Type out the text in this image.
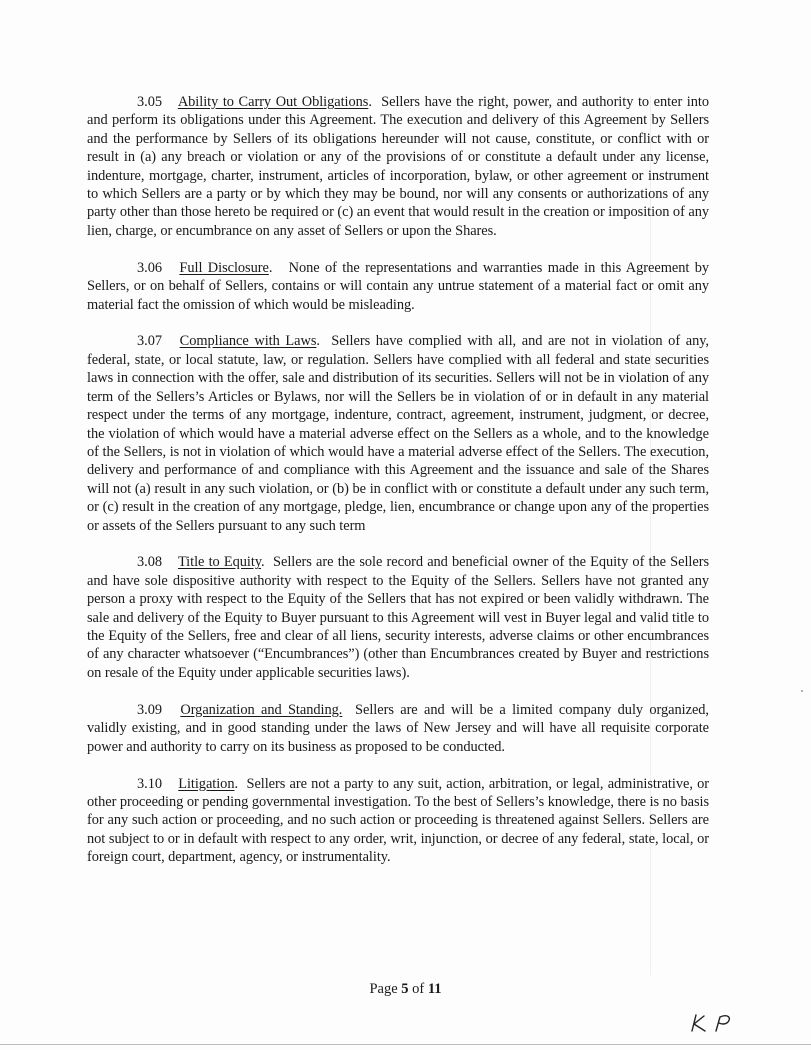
3.05 Ability to Carry Out Obligations. Sellers have the right, power, and authority to enter into and perform its obligations under this Agreement. The execution and delivery of this Agreement by Sellers and the performance by Sellers of its obligations hereunder will not cause, constitute, or conflict with or result in (a) any breach or violation or any of the provisions of or constitute a default under any license, indenture, mortgage, charter, instrument, articles of incorporation, bylaw, or other agreement or instrument to which Sellers are a party or by which they may be bound, nor will any consents or authorizations of any party other than those hereto be required or (c) an event that would result in the creation or imposition of any lien, charge, or encumbrance on any asset of Sellers or upon the Shares.

3.06 Full Disclosure. None of the representations and warranties made in this Agreement by Sellers, or on behalf of Sellers, contains or will contain any untrue statement of a material fact or omit any material fact the omission of which would be misleading.

3.07 Compliance with Laws. Sellers have complied with all, and are not in violation of any, federal, state, or local statute, law, or regulation. Sellers have complied with all federal and state securities laws in connection with the offer, sale and distribution of its securities. Sellers will not be in violation of any term of the Sellers’s Articles or Bylaws, nor will the Sellers be in violation of or in default in any material respect under the terms of any mortgage, indenture, contract, agreement, instrument, judgment, or decree, the violation of which would have a material adverse effect on the Sellers as a whole, and to the knowledge of the Sellers, is not in violation of which would have a material adverse effect of the Sellers. The execution, delivery and performance of and compliance with this Agreement and the issuance and sale of the Shares will not (a) result in any such violation, or (b) be in conflict with or constitute a default under any such term, or (c) result in the creation of any mortgage, pledge, lien, encumbrance or change upon any of the properties or assets of the Sellers pursuant to any such term

3.08 Title to Equity. Sellers are the sole record and beneficial owner of the Equity of the Sellers and have sole dispositive authority with respect to the Equity of the Sellers. Sellers have not granted any person a proxy with respect to the Equity of the Sellers that has not expired or been validly withdrawn. The sale and delivery of the Equity to Buyer pursuant to this Agreement will vest in Buyer legal and valid title to the Equity of the Sellers, free and clear of all liens, security interests, adverse claims or other encumbrances of any character whatsoever (“Encumbrances”) (other than Encumbrances created by Buyer and restrictions on resale of the Equity under applicable securities laws).

3.09 Organization and Standing. Sellers are and will be a limited company duly organized, validly existing, and in good standing under the laws of New Jersey and will have all requisite corporate power and authority to carry on its business as proposed to be conducted.

3.10 Litigation. Sellers are not a party to any suit, action, arbitration, or legal, administrative, or other proceeding or pending governmental investigation. To the best of Sellers’s knowledge, there is no basis for any such action or proceeding, and no such action or proceeding is threatened against Sellers. Sellers are not subject to or in default with respect to any order, writ, injunction, or decree of any federal, state, local, or foreign court, department, agency, or instrumentality.

Page 5 of 11
